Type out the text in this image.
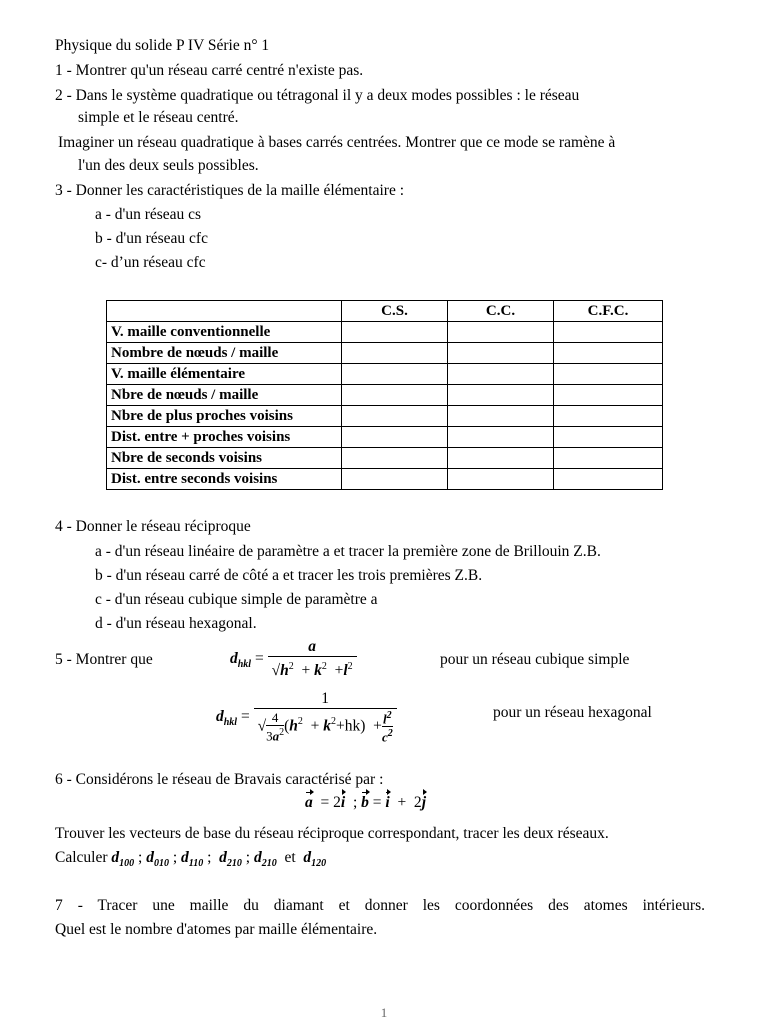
Physique du solide P IV Série n° 1
1 - Montrer qu'un réseau carré centré n'existe pas.
2 - Dans le système quadratique ou tétragonal il y a deux modes possibles : le réseau
simple et le réseau centré.
Imaginer un réseau quadratique à bases carrés centrées. Montrer que ce mode se ramène à
l'un des deux seuls possibles.
3 - Donner les caractéristiques de la maille élémentaire :
a - d'un réseau cs
b - d'un réseau cfc
c- d’un réseau cfc
	C.S.	C.C.	C.F.C.
V. maille conventionnelle			
Nombre de nœuds / maille			
V. maille élémentaire			
Nbre de nœuds / maille			
Nbre de plus proches voisins			
Dist. entre + proches voisins			
Nbre de seconds voisins			
Dist. entre seconds voisins			
4 - Donner le réseau réciproque
a - d'un réseau linéaire de paramètre a et tracer la première zone de Brillouin Z.B.
b - d'un réseau carré de côté a et tracer les trois premières Z.B.
c - d'un réseau cubique simple de paramètre a
d - d'un réseau hexagonal.
5 - Montrer que	$d_{hkl} = \frac{a}{√h^2 + k^2 +l^2}$	pour un réseau cubique simple
$d_{hkl} = \frac{1}{√ \frac{4}{3a^2} (h^2 + k^2+hk) + \frac{l^2}{c^2}}$	pour un réseau hexagonal
6 - Considérons le réseau de Bravais caractérisé par :
a  = 2i  ; b = i  +  2j
Trouver les vecteurs de base du réseau réciproque correspondant, tracer les deux réseaux.
Calculer $d_{100}$ ; $d_{010}$ ; $d_{110}$ ;  $d_{210}$ ; $d_{210}$ et $d_{120}$
7 - Tracer une maille du diamant et donner les coordonnées des atomes intérieurs.
Quel est le nombre d'atomes par maille élémentaire.
1
